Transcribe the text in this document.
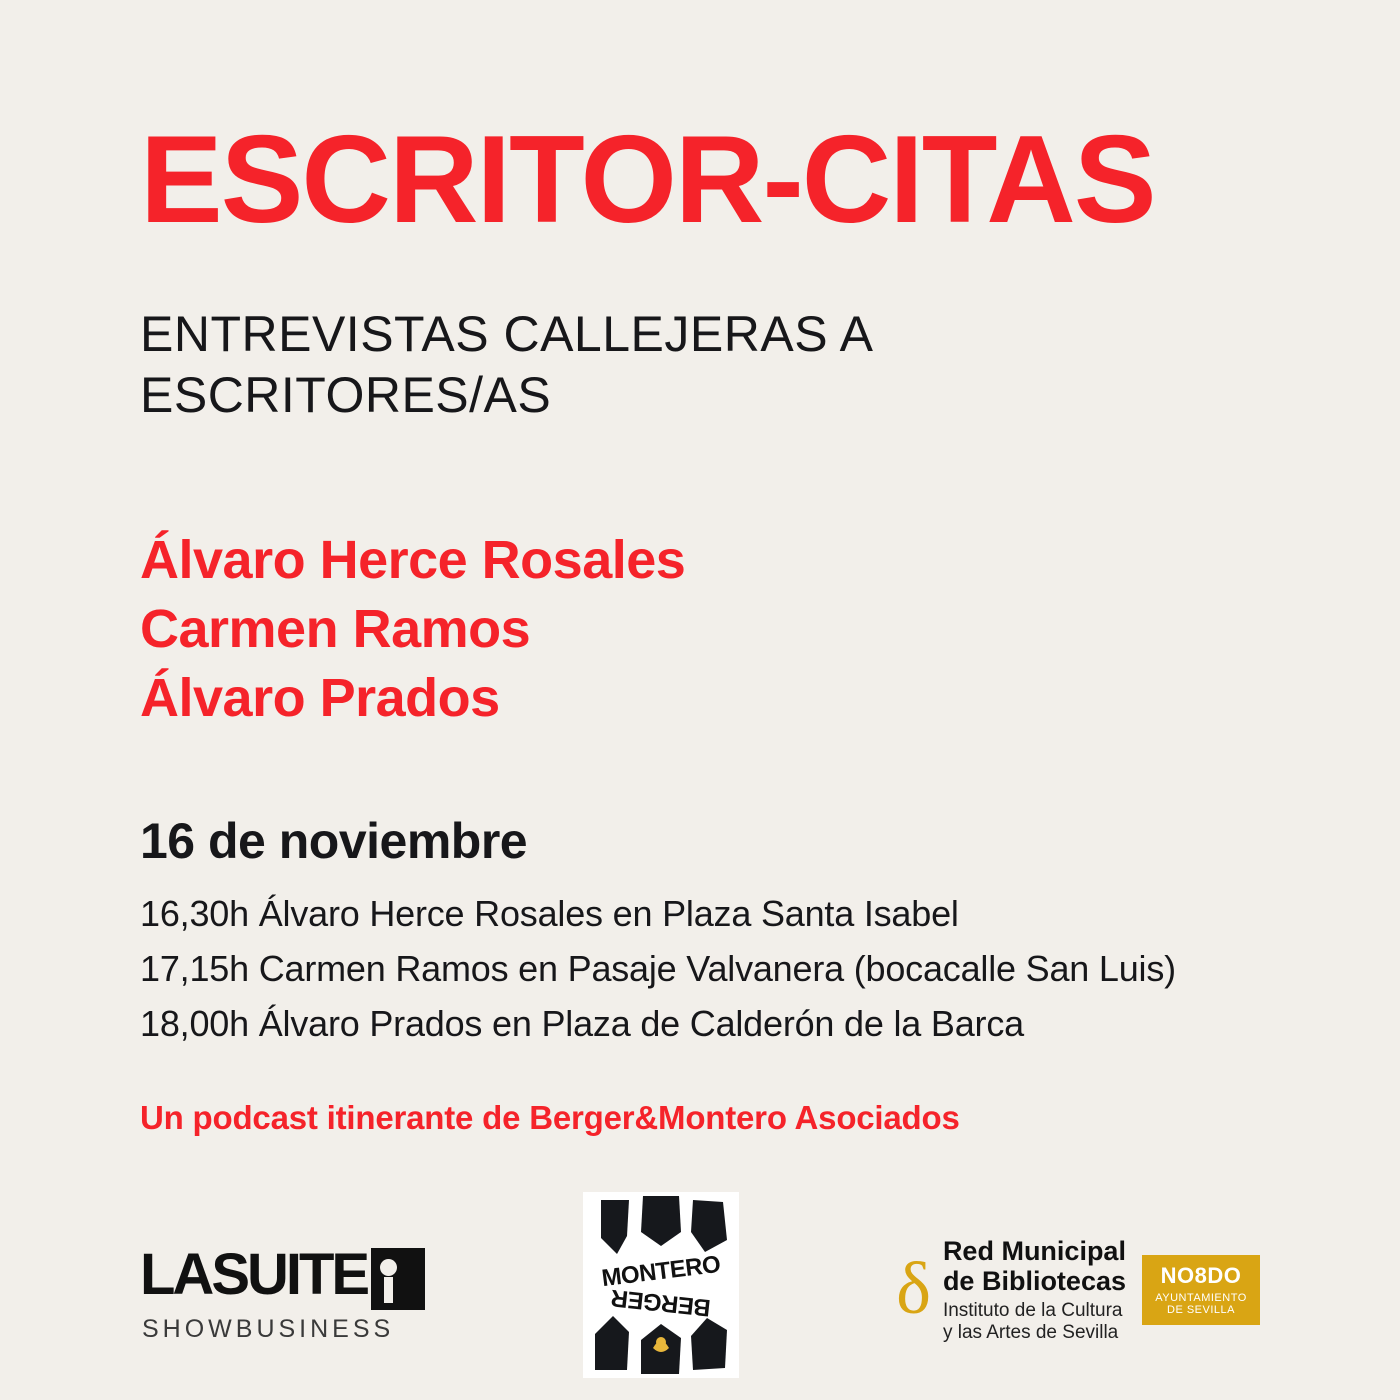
ESCRITOR-CITAS
ENTREVISTAS CALLEJERAS A ESCRITORES/AS
Álvaro Herce Rosales
Carmen Ramos
Álvaro Prados
16 de noviembre
16,30h Álvaro Herce Rosales en Plaza Santa Isabel
17,15h Carmen Ramos en Pasaje Valvanera (bocacalle San Luis)
18,00h Álvaro Prados en Plaza de Calderón de la Barca
Un podcast itinerante de Berger&Montero Asociados
LASUITE
SHOWBUSINESS
MONTERO
BERGER	δ Red Municipal
de Bibliotecas
Instituto de la Cultura
y las Artes de Sevilla
NO8DO
AYUNTAMIENTO
DE SEVILLA
